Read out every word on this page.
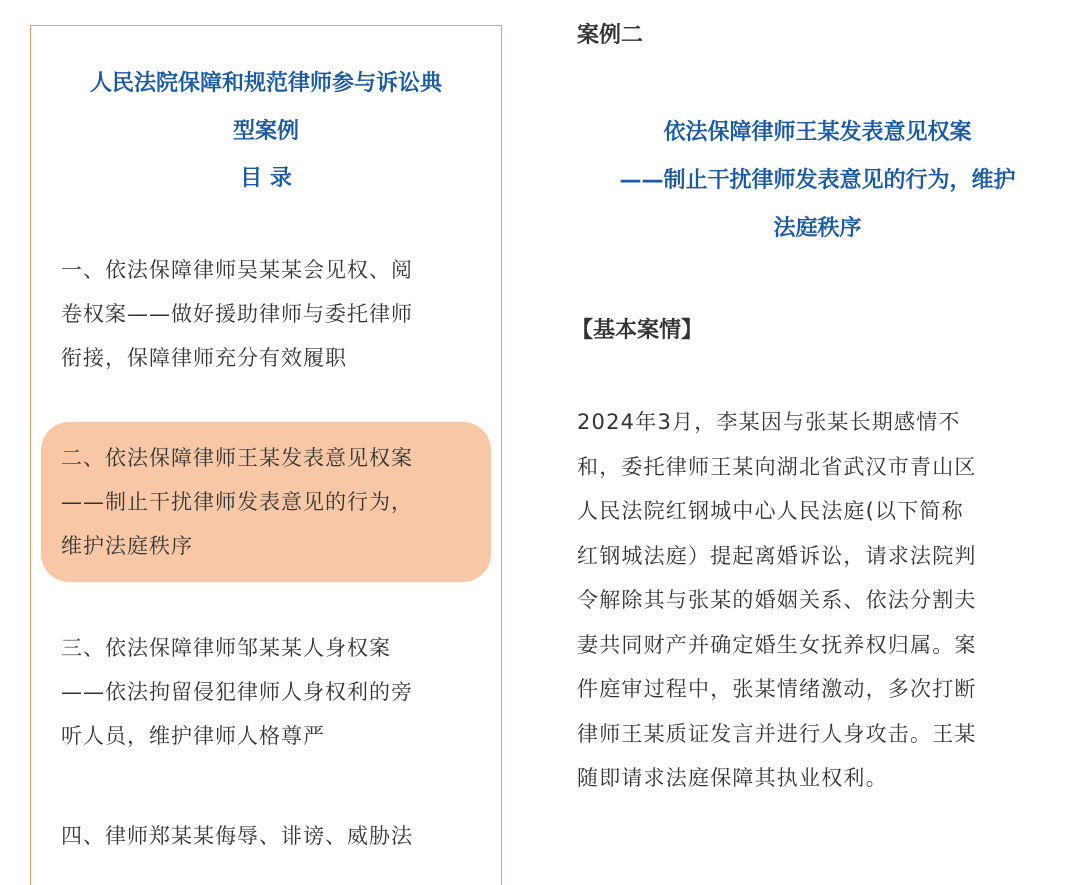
人民法院保障和规范律师参与诉讼典
型案例
目 录
一、依法保障律师吴某某会见权、阅
卷权案——做好援助律师与委托律师
衔接，保障律师充分有效履职
二、依法保障律师王某发表意见权案
——制止干扰律师发表意见的行为，
维护法庭秩序
三、依法保障律师邹某某人身权案
——依法拘留侵犯律师人身权利的旁
听人员，维护律师人格尊严
四、律师郑某某侮辱、诽谤、威胁法
案例二
依法保障律师王某发表意见权案
——制止干扰律师发表意见的行为，维护
法庭秩序
【基本案情】
2024年3月，李某因与张某长期感情不
和，委托律师王某向湖北省武汉市青山区
人民法院红钢城中心人民法庭(以下简称
红钢城法庭）提起离婚诉讼，请求法院判
令解除其与张某的婚姻关系、依法分割夫
妻共同财产并确定婚生女抚养权归属。案
件庭审过程中，张某情绪激动，多次打断
律师王某质证发言并进行人身攻击。王某
随即请求法庭保障其执业权利。
